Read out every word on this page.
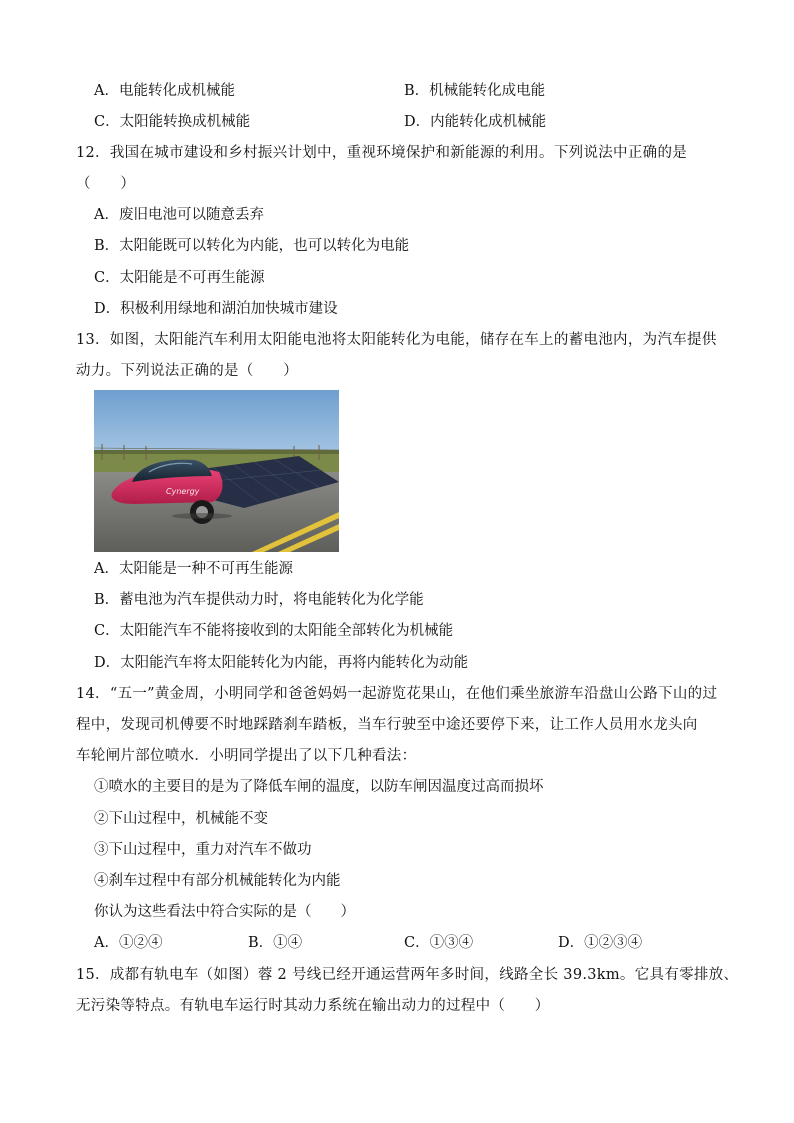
A．电能转化成机械能	B．机械能转化成电能
C．太阳能转换成机械能	D．内能转化成机械能
12．我国在城市建设和乡村振兴计划中，重视环境保护和新能源的利用。下列说法中正确的是
（　　）
A．废旧电池可以随意丢弃
B．太阳能既可以转化为内能，也可以转化为电能
C．太阳能是不可再生能源
D．积极利用绿地和湖泊加快城市建设
13．如图，太阳能汽车利用太阳能电池将太阳能转化为电能，储存在车上的蓄电池内，为汽车提供
动力。下列说法正确的是（　　）
Cynergy
A．太阳能是一种不可再生能源
B．蓄电池为汽车提供动力时，将电能转化为化学能
C．太阳能汽车不能将接收到的太阳能全部转化为机械能
D．太阳能汽车将太阳能转化为内能，再将内能转化为动能
14．“五一”黄金周，小明同学和爸爸妈妈一起游览花果山，在他们乘坐旅游车沿盘山公路下山的过
程中，发现司机傅要不时地踩踏刹车踏板，当车行驶至中途还要停下来，让工作人员用水龙头向
车轮闸片部位喷水．小明同学提出了以下几种看法：
①喷水的主要目的是为了降低车闸的温度，以防车闸因温度过高而损坏
②下山过程中，机械能不变
③下山过程中，重力对汽车不做功
④刹车过程中有部分机械能转化为内能
你认为这些看法中符合实际的是（　　）
A．①②④	B．①④	C．①③④	D．①②③④
15．成都有轨电车（如图）蓉 2 号线已经开通运营两年多时间，线路全长 39.3km。它具有零排放、
无污染等特点。有轨电车运行时其动力系统在输出动力的过程中（　　）
